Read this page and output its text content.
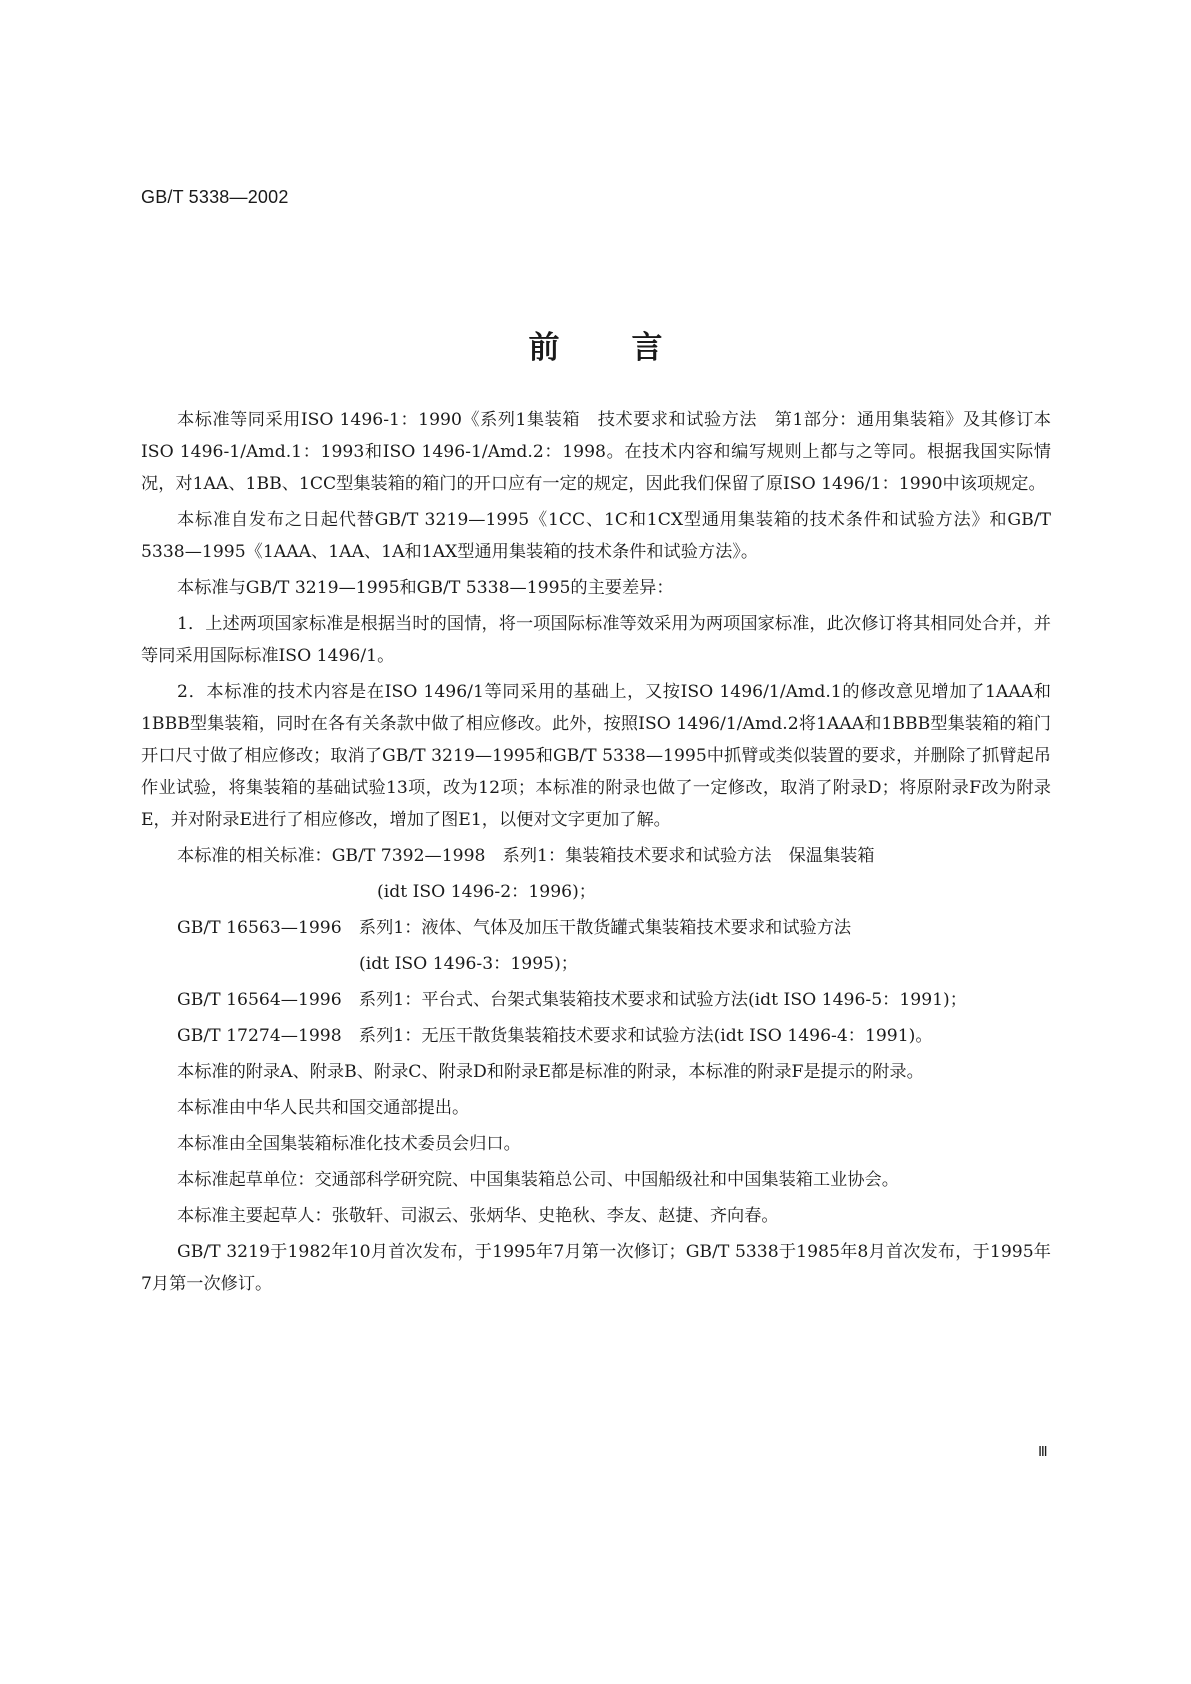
GB/T 5338—2002
前 言

本标准等同采用ISO 1496-1：1990《系列1集装箱　技术要求和试验方法　第1部分：通用集装箱》及其修订本ISO 1496-1/Amd.1：1993和ISO 1496-1/Amd.2：1998。在技术内容和编写规则上都与之等同。根据我国实际情况，对1AA、1BB、1CC型集装箱的箱门的开口应有一定的规定，因此我们保留了原ISO 1496/1：1990中该项规定。

本标准自发布之日起代替GB/T 3219—1995《1CC、1C和1CX型通用集装箱的技术条件和试验方法》和GB/T 5338—1995《1AAA、1AA、1A和1AX型通用集装箱的技术条件和试验方法》。

本标准与GB/T 3219—1995和GB/T 5338—1995的主要差异：

1．上述两项国家标准是根据当时的国情，将一项国际标准等效采用为两项国家标准，此次修订将其相同处合并，并等同采用国际标准ISO 1496/1。

2．本标准的技术内容是在ISO 1496/1等同采用的基础上，又按ISO 1496/1/Amd.1的修改意见增加了1AAA和1BBB型集装箱，同时在各有关条款中做了相应修改。此外，按照ISO 1496/1/Amd.2将1AAA和1BBB型集装箱的箱门开口尺寸做了相应修改；取消了GB/T 3219—1995和GB/T 5338—1995中抓臂或类似装置的要求，并删除了抓臂起吊作业试验，将集装箱的基础试验13项，改为12项；本标准的附录也做了一定修改，取消了附录D；将原附录F改为附录E，并对附录E进行了相应修改，增加了图E1，以便对文字更加了解。

本标准的相关标准：GB/T 7392—1998　	系列1：集装箱技术要求和试验方法　保温集装箱
(idt ISO 1496-2：1996)；
GB/T 16563—1996　	系列1：液体、气体及加压干散货罐式集装箱技术要求和试验方法
(idt ISO 1496-3：1995)；
GB/T 16564—1996　	系列1：平台式、台架式集装箱技术要求和试验方法(idt ISO 1496-5：1991)；
GB/T 17274—1998　	系列1：无压干散货集装箱技术要求和试验方法(idt ISO 1496-4：1991)。

本标准的附录A、附录B、附录C、附录D和附录E都是标准的附录，本标准的附录F是提示的附录。

本标准由中华人民共和国交通部提出。

本标准由全国集装箱标准化技术委员会归口。

本标准起草单位：交通部科学研究院、中国集装箱总公司、中国船级社和中国集装箱工业协会。

本标准主要起草人：张敬轩、司淑云、张炳华、史艳秋、李友、赵捷、齐向春。

GB/T 3219于1982年10月首次发布，于1995年7月第一次修订；GB/T 5338于1985年8月首次发布，于1995年7月第一次修订。

Ⅲ
